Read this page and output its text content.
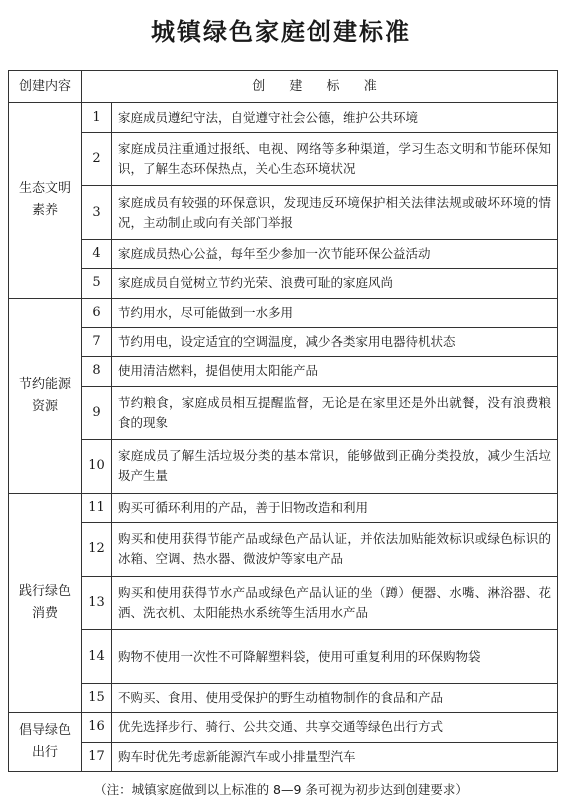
城镇绿色家庭创建标准
创建内容	创 建 标 准	
生态文明素养	1	家庭成员遵纪守法，自觉遵守社会公德，维护公共环境
	2	家庭成员注重通过报纸、电视、网络等多种渠道，学习生态文明和节能环保知识，了解生态环保热点，关心生态环境状况
	3	家庭成员有较强的环保意识，发现违反环境保护相关法律法规或破坏环境的情况，主动制止或向有关部门举报
	4	家庭成员热心公益，每年至少参加一次节能环保公益活动
	5	家庭成员自觉树立节约光荣、浪费可耻的家庭风尚
节约能源资源	6	节约用水，尽可能做到一水多用
	7	节约用电，设定适宜的空调温度，减少各类家用电器待机状态
	8	使用清洁燃料，提倡使用太阳能产品
	9	节约粮食，家庭成员相互提醒监督，无论是在家里还是外出就餐，没有浪费粮食的现象
	10	家庭成员了解生活垃圾分类的基本常识，能够做到正确分类投放，减少生活垃圾产生量
践行绿色消费	11	购买可循环利用的产品，善于旧物改造和利用
	12	购买和使用获得节能产品或绿色产品认证，并依法加贴能效标识或绿色标识的冰箱、空调、热水器、微波炉等家电产品
	13	购买和使用获得节水产品或绿色产品认证的坐（蹲）便器、水嘴、淋浴器、花洒、洗衣机、太阳能热水系统等生活用水产品
	14	购物不使用一次性不可降解塑料袋，使用可重复利用的环保购物袋
	15	不购买、食用、使用受保护的野生动植物制作的食品和产品
倡导绿色出行	16	优先选择步行、骑行、公共交通、共享交通等绿色出行方式
	17	购车时优先考虑新能源汽车或小排量型汽车
（注：城镇家庭做到以上标准的 8—9 条可视为初步达到创建要求）
